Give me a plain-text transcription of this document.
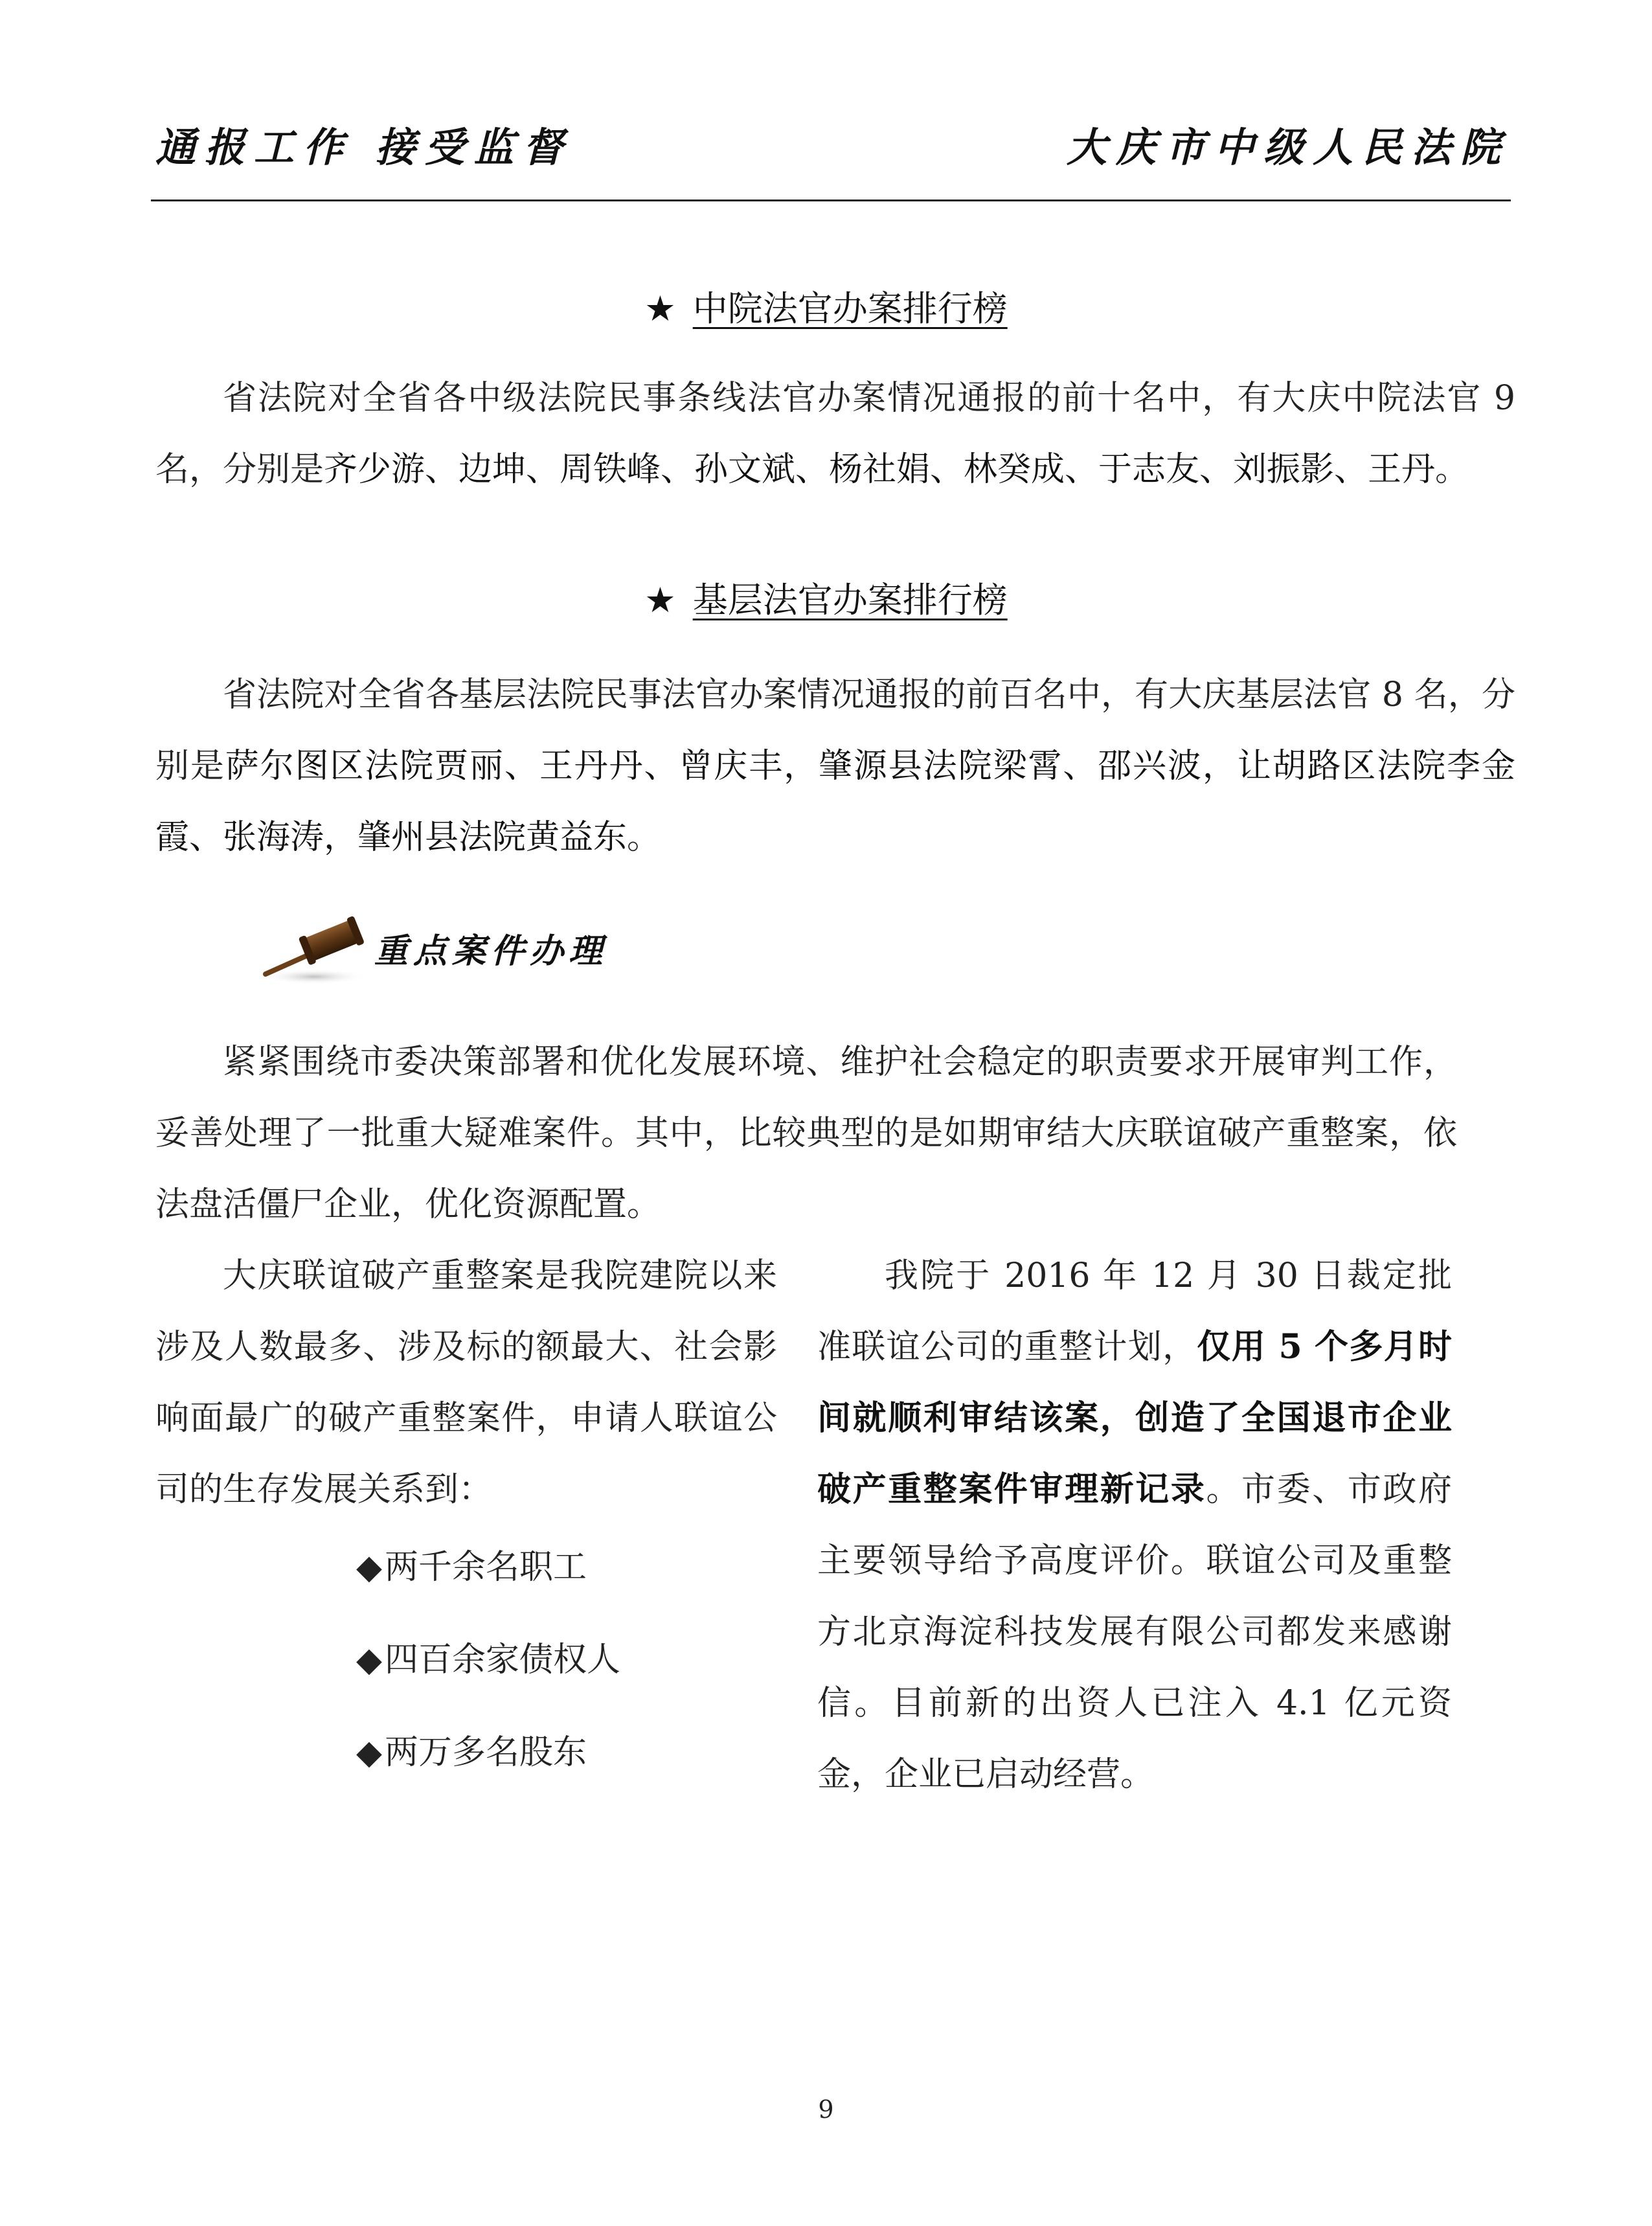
通报工作 接受监督	大庆市中级人民法院
★ 中院法官办案排行榜
省法院对全省各中级法院民事条线法官办案情况通报的前十名中，有大庆中院法官 9 名，分别是齐少游、边坤、周铁峰、孙文斌、杨社娟、林癸成、于志友、刘振影、王丹。
★ 基层法官办案排行榜
省法院对全省各基层法院民事法官办案情况通报的前百名中，有大庆基层法官 8 名，分别是萨尔图区法院贾丽、王丹丹、曾庆丰，肇源县法院梁霄、邵兴波，让胡路区法院李金霞、张海涛，肇州县法院黄益东。
重点案件办理
紧紧围绕市委决策部署和优化发展环境、维护社会稳定的职责要求开展审判工作，妥善处理了一批重大疑难案件。其中，比较典型的是如期审结大庆联谊破产重整案，依法盘活僵尸企业，优化资源配置。
大庆联谊破产重整案是我院建院以来涉及人数最多、涉及标的额最大、社会影响面最广的破产重整案件，申请人联谊公司的生存发展关系到：
◆两千余名职工
◆四百余家债权人
◆两万多名股东
我院于 2016 年 12 月 30 日裁定批准联谊公司的重整计划，仅用 5 个多月时间就顺利审结该案，创造了全国退市企业破产重整案件审理新记录。市委、市政府主要领导给予高度评价。联谊公司及重整方北京海淀科技发展有限公司都发来感谢信。目前新的出资人已注入 4.1 亿元资金，企业已启动经营。
9
